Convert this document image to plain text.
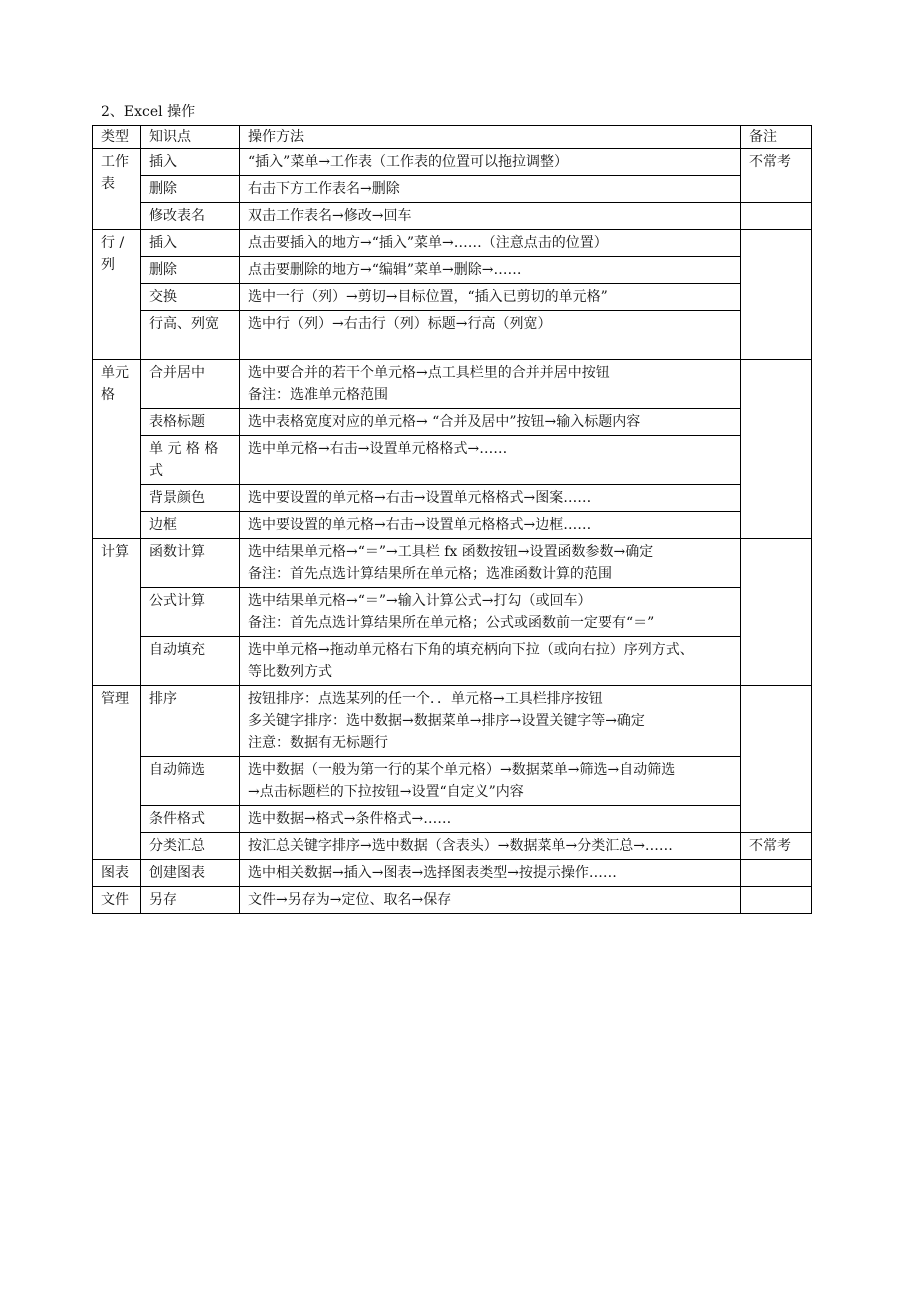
2、Excel 操作
类型	知识点	操作方法	备注
工作表	插入	“插入”菜单→工作表（工作表的位置可以拖拉调整）	不常考
	删除	右击下方工作表名→删除	

	修改表名	双击工作表名→修改→回车	

行 / 列	插入	点击要插入的地方→“插入”菜单→……（注意点击的位置）	

	删除	点击要删除的地方→“编辑”菜单→删除→……	

	交换	选中一行（列）→剪切→目标位置，“插入已剪切的单元格”	

	行高、列宽	选中行（列）→右击行（列）标题→行高（列宽）	

单元格	合并居中	选中要合并的若干个单元格→点工具栏里的合并并居中按钮
备注：选准单元格范围	

	表格标题	选中表格宽度对应的单元格→ “合并及居中”按钮→输入标题内容	

	单 元 格 格 式	选中单元格→右击→设置单元格格式→……	

	背景颜色	选中要设置的单元格→右击→设置单元格格式→图案……	

	边框	选中要设置的单元格→右击→设置单元格格式→边框……	

计算	函数计算	选中结果单元格→“＝”→工具栏 fx 函数按钮→设置函数参数→确定
备注：首先点选计算结果所在单元格；选准函数计算的范围	

	公式计算	选中结果单元格→“＝”→输入计算公式→打勾（或回车）
备注：首先点选计算结果所在单元格；公式或函数前一定要有“＝”	

	自动填充	选中单元格→拖动单元格右下角的填充柄向下拉（或向右拉）序列方式、
等比数列方式	

管理	排序	按钮排序：点选某列的任一个．．单元格→工具栏排序按钮
多关键字排序：选中数据→数据菜单→排序→设置关键字等→确定
注意：数据有无标题行	

	自动筛选	选中数据（一般为第一行的某个单元格）→数据菜单→筛选→自动筛选
→点击标题栏的下拉按钮→设置“自定义”内容	

	条件格式	选中数据→格式→条件格式→……	

	分类汇总	按汇总关键字排序→选中数据（含表头）→数据菜单→分类汇总→……	不常考
图表	创建图表	选中相关数据→插入→图表→选择图表类型→按提示操作……	

文件	另存	文件→另存为→定位、取名→保存	
